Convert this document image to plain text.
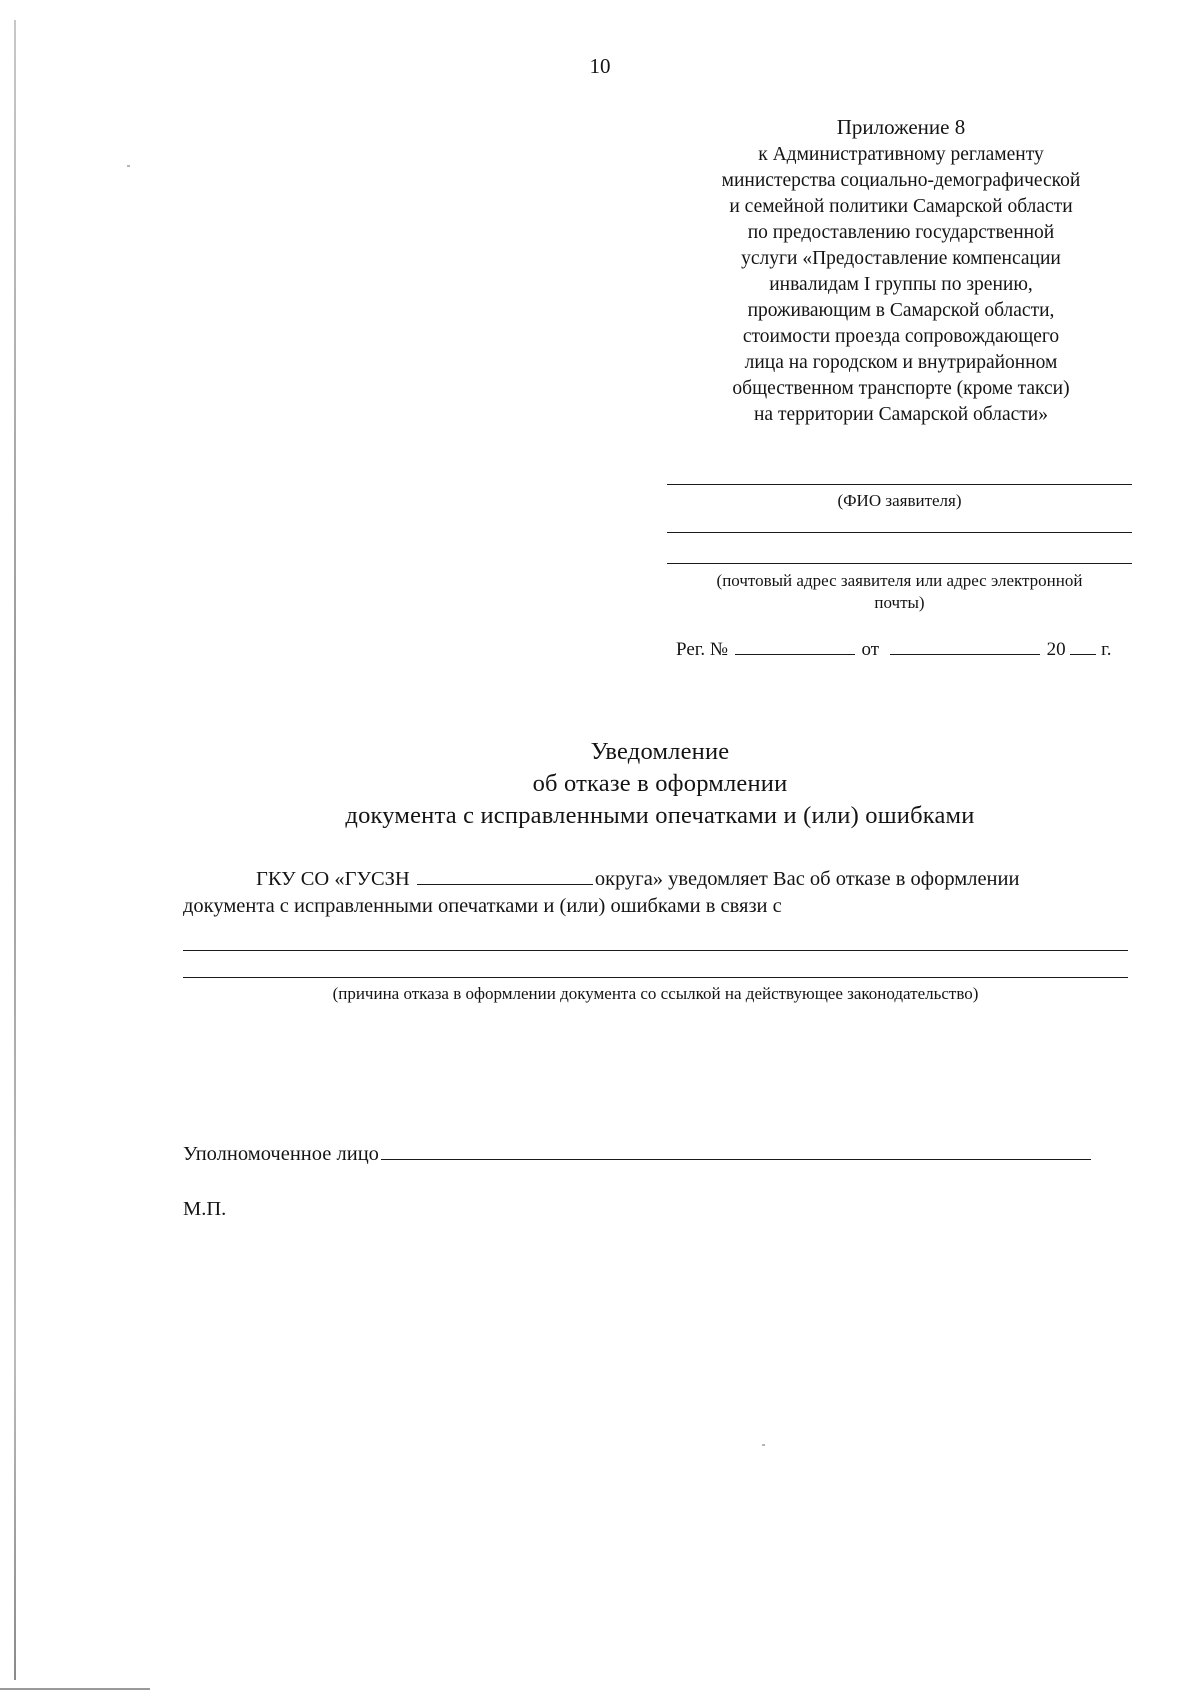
10
Приложение 8
к Административному регламенту
министерства социально-демографической
и семейной политики Самарской области
по предоставлению государственной
услуги «Предоставление компенсации
инвалидам I группы по зрению,
проживающим в Самарской области,
стоимости проезда сопровождающего
лица на городском и внутрирайонном
общественном транспорте (кроме такси)
на территории Самарской области»
(ФИО заявителя)
(почтовый адрес заявителя или адрес электронной
почты)
Рег. №	от	20 г.
Уведомление
об отказе в оформлении
документа с исправленными опечатками и (или) ошибками
ГКУ СО «ГУСЗН	округа» уведомляет Вас об отказе в оформлении
документа с исправленными опечатками и (или) ошибками в связи с
(причина отказа в оформлении документа со ссылкой на действующее законодательство)
Уполномоченное лицо
М.П.
